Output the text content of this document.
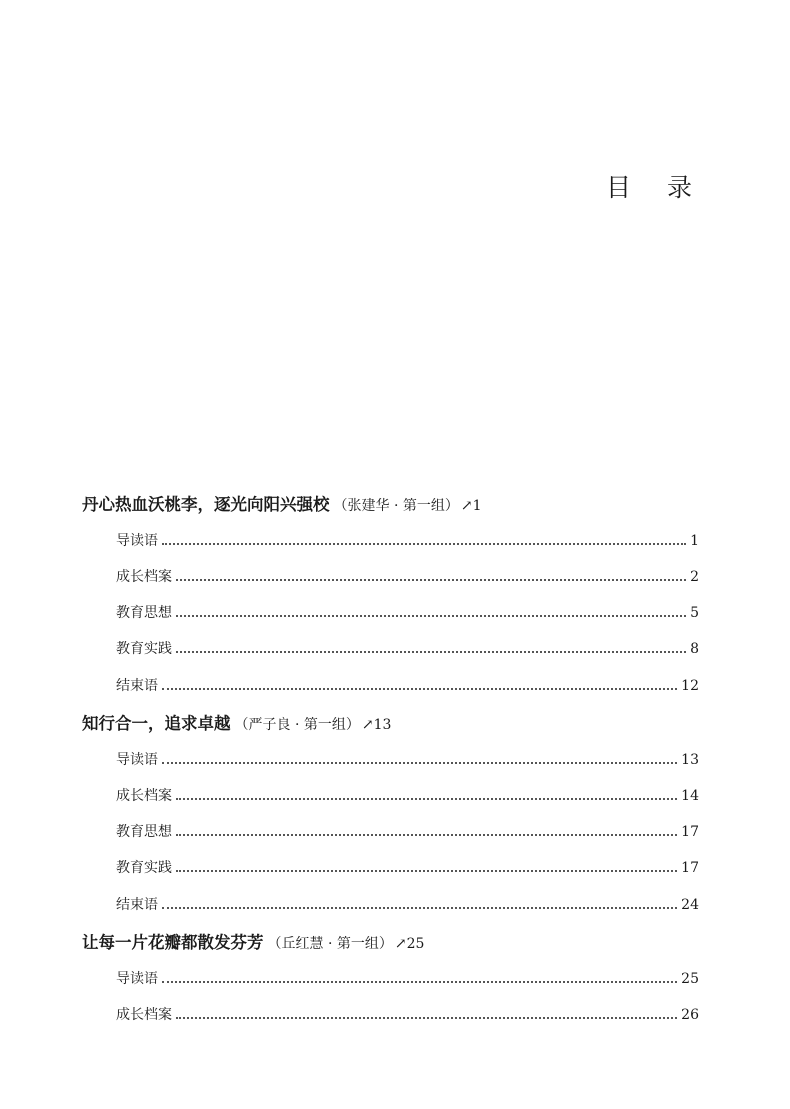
目录
丹心热血沃桃李，逐光向阳兴强校 （张建华 · 第一组） ↗1
导读语	1
成长档案	2
教育思想	5
教育实践	8
结束语	12
知行合一，追求卓越 （严子良 · 第一组） ↗13
导读语	13
成长档案	14
教育思想	17
教育实践	17
结束语	24
让每一片花瓣都散发芬芳 （丘红慧 · 第一组） ↗25
导读语	25
成长档案	26
